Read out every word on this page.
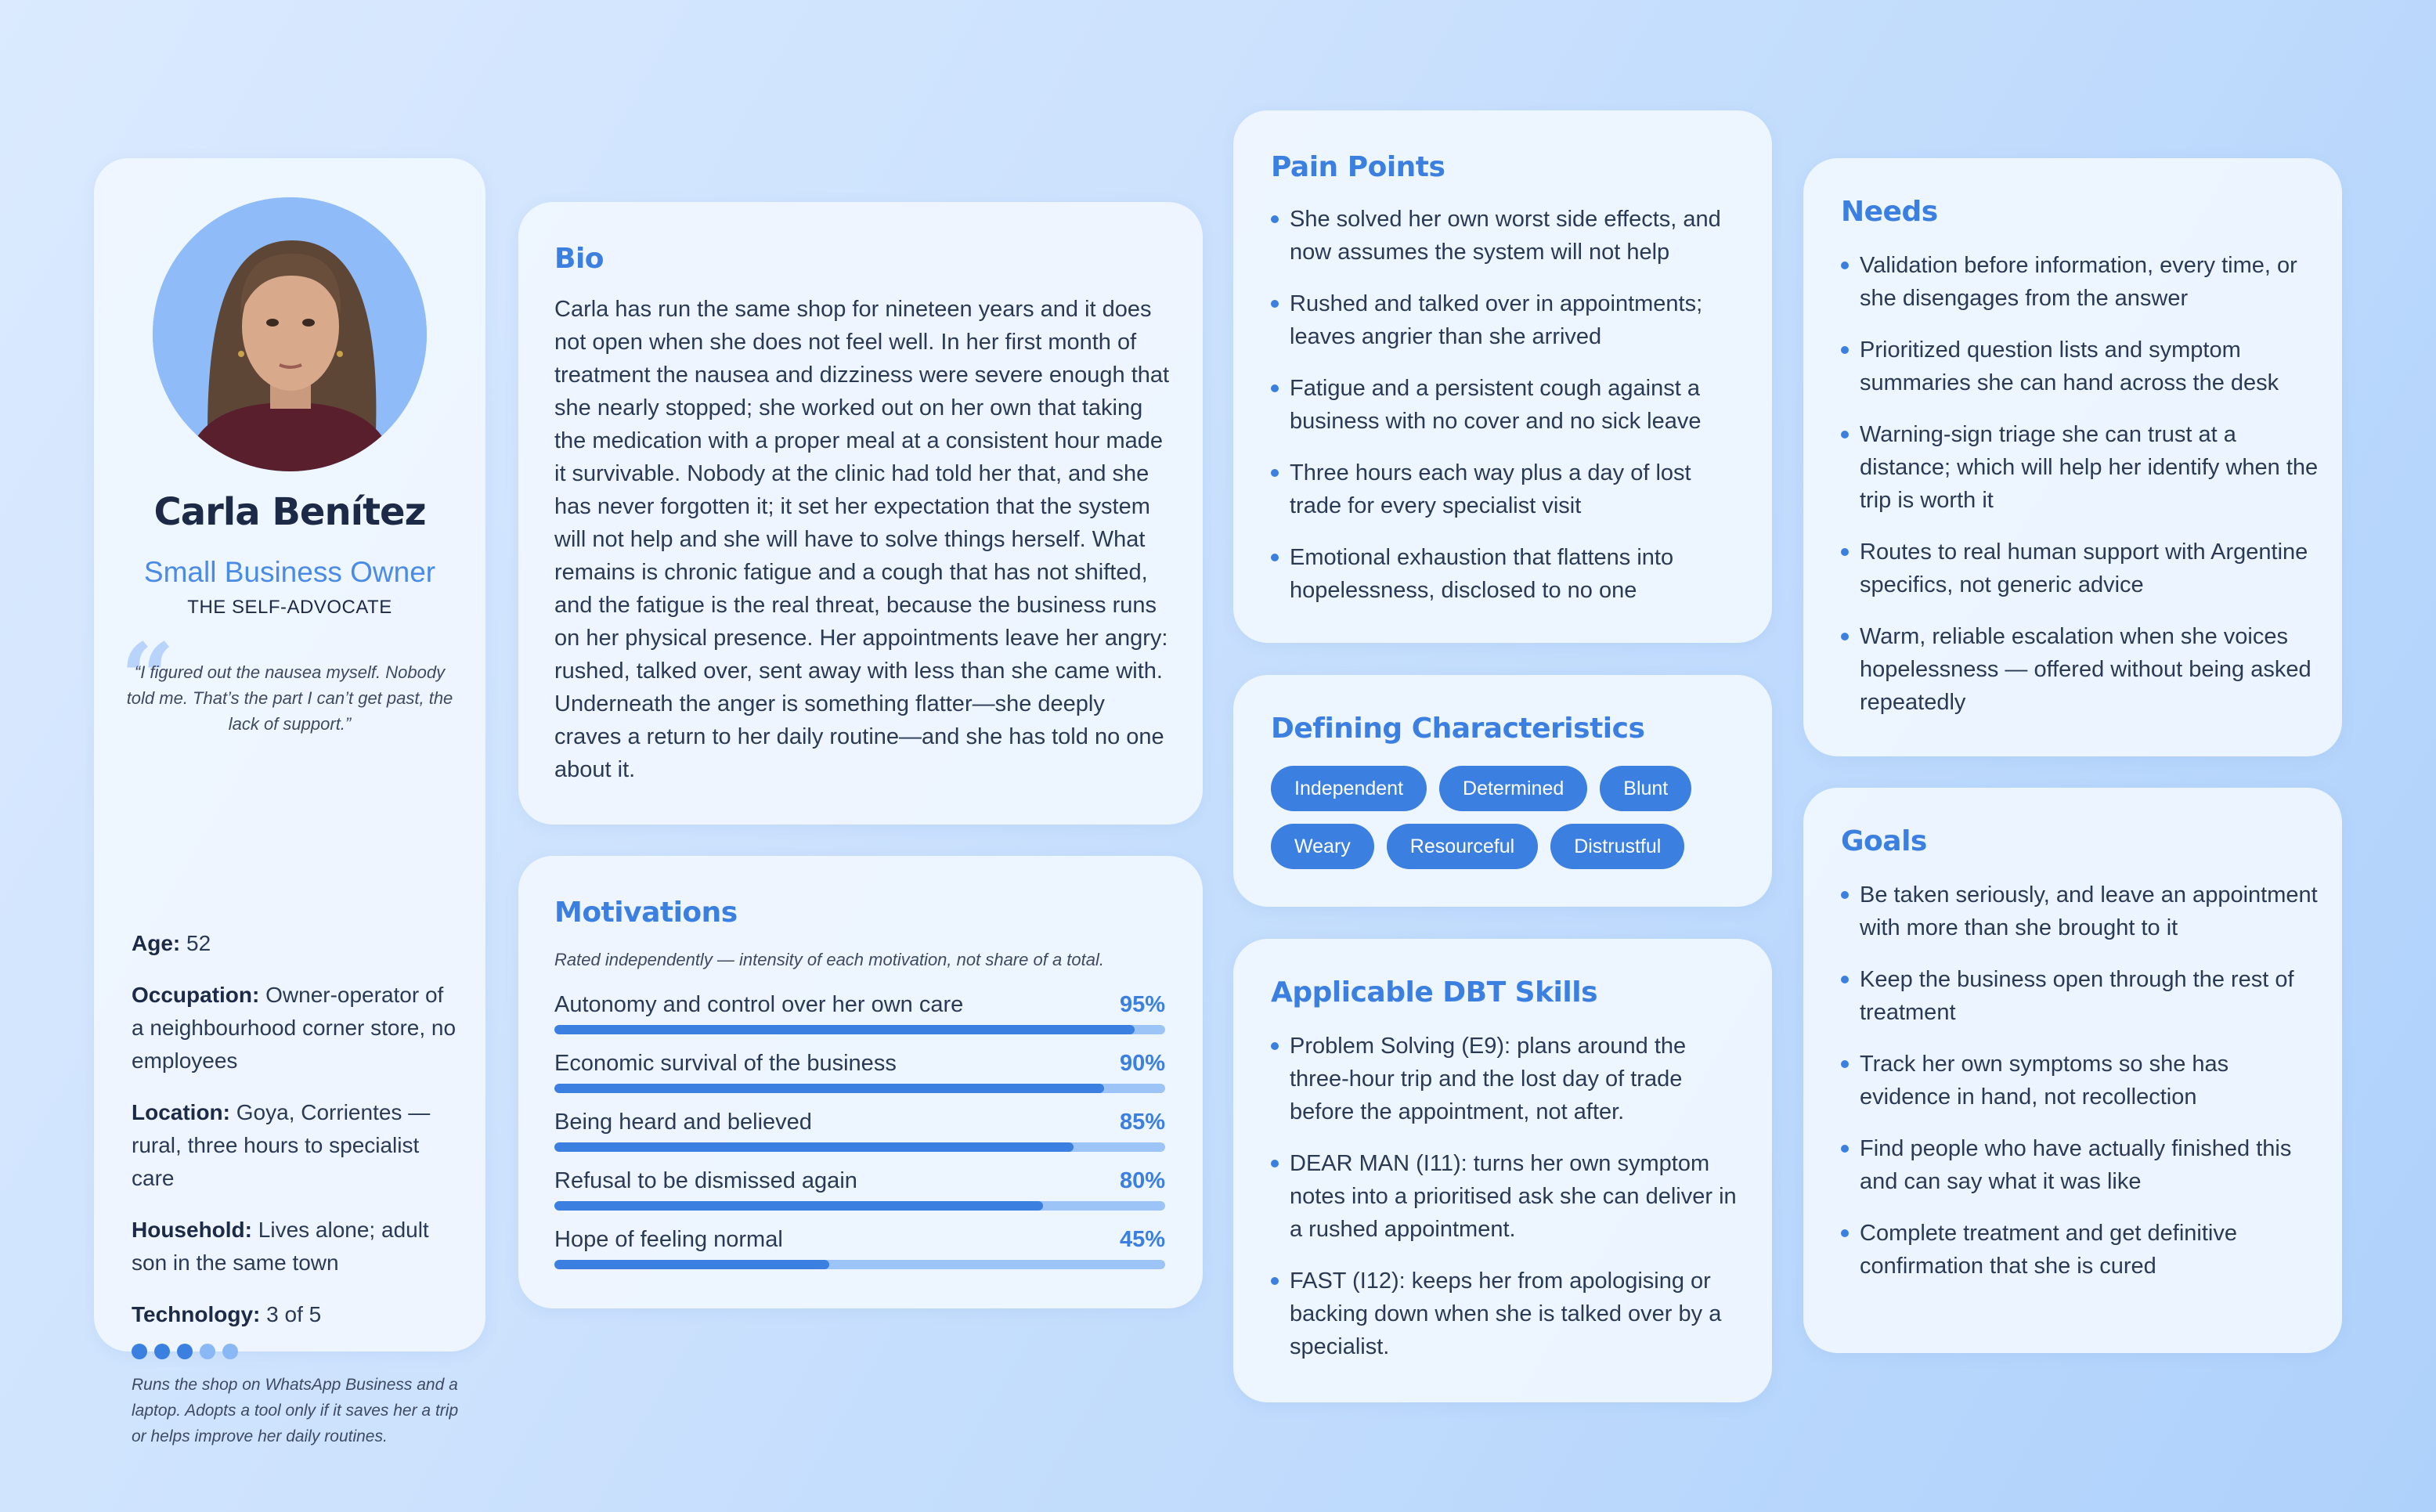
Carla Benítez
Small Business Owner
THE SELF-ADVOCATE
“
“I figured out the nausea myself. Nobody told me. That’s the part I can’t get past, the lack of support.”
Age: 52
Occupation: Owner-operator of a neighbourhood corner store, no employees
Location: Goya, Corrientes — rural, three hours to specialist care
Household: Lives alone; adult son in the same town
Technology: 3 of 5
Runs the shop on WhatsApp Business and a laptop. Adopts a tool only if it saves her a trip or helps improve her daily routines.
Bio
Carla has run the same shop for nineteen years and it does not open when she does not feel well. In her first month of treatment the nausea and dizziness were severe enough that she nearly stopped; she worked out on her own that taking the medication with a proper meal at a consistent hour made it survivable. Nobody at the clinic had told her that, and she has never forgotten it; it set her expectation that the system will not help and she will have to solve things herself. What remains is chronic fatigue and a cough that has not shifted, and the fatigue is the real threat, because the business runs on her physical presence. Her appointments leave her angry: rushed, talked over, sent away with less than she came with. Underneath the anger is something flatter—she deeply craves a return to her daily routine—and she has told no one about it.
Motivations
Rated independently — intensity of each motivation, not share of a total.
Autonomy and control over her own care	95%
Economic survival of the business	90%
Being heard and believed	85%
Refusal to be dismissed again	80%
Hope of feeling normal	45%
Pain Points
She solved her own worst side effects, and now assumes the system will not help
Rushed and talked over in appointments; leaves angrier than she arrived
Fatigue and a persistent cough against a business with no cover and no sick leave
Three hours each way plus a day of lost trade for every specialist visit
Emotional exhaustion that flattens into hopelessness, disclosed to no one
Defining Characteristics
Independent	Determined	Blunt
Weary	Resourceful	Distrustful
Applicable DBT Skills
Problem Solving (E9): plans around the three-hour trip and the lost day of trade before the appointment, not after.
DEAR MAN (I11): turns her own symptom notes into a prioritised ask she can deliver in a rushed appointment.
FAST (I12): keeps her from apologising or backing down when she is talked over by a specialist.
Needs
Validation before information, every time, or she disengages from the answer
Prioritized question lists and symptom summaries she can hand across the desk
Warning-sign triage she can trust at a distance; which will help her identify when the trip is worth it
Routes to real human support with Argentine specifics, not generic advice
Warm, reliable escalation when she voices hopelessness — offered without being asked repeatedly
Goals
Be taken seriously, and leave an appointment with more than she brought to it
Keep the business open through the rest of treatment
Track her own symptoms so she has evidence in hand, not recollection
Find people who have actually finished this and can say what it was like
Complete treatment and get definitive confirmation that she is cured
